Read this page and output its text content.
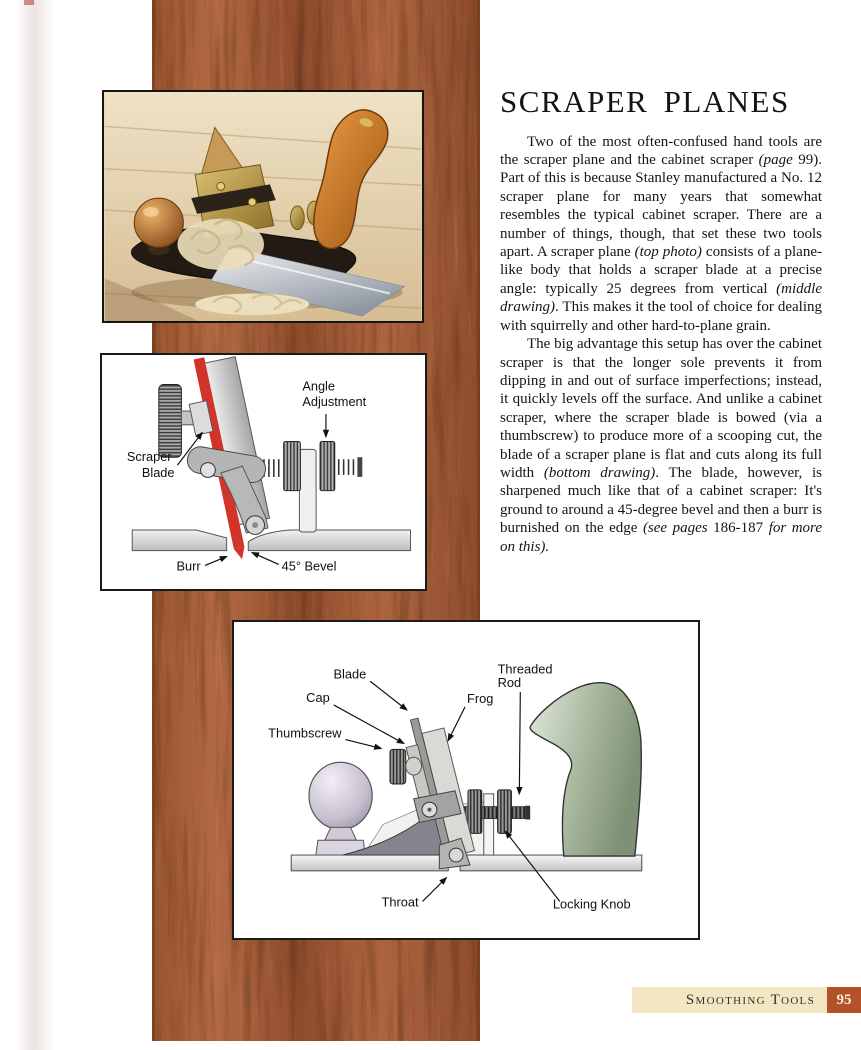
Angle
Adjustment
Scraper
Blade
Burr	45° Bevel
Blade
Cap
Thumbscrew
Frog
Threaded
Rod
Throat	Locking Knob
SCRAPER PLANES

Two of the most often-confused hand tools are the scraper plane and the cabinet scraper (page 99). Part of this is because Stanley manufactured a No. 12 scraper plane for many years that somewhat resembles the typical cabinet scraper. There are a number of things, though, that set these two tools apart. A scraper plane (top photo) consists of a plane-like body that holds a scraper blade at a precise angle: typically 25 degrees from vertical (middle drawing). This makes it the tool of choice for dealing with squirrelly and other hard-to-plane grain.

The big advantage this setup has over the cabinet scraper is that the longer sole prevents it from dipping in and out of surface imperfections; instead, it quickly levels off the surface. And unlike a cabinet scraper, where the scraper blade is bowed (via a thumbscrew) to produce more of a scooping cut, the blade of a scraper plane is flat and cuts along its full width (bottom drawing). The blade, however, is sharpened much like that of a cabinet scraper: It's ground to around a 45-degree bevel and then a burr is burnished on the edge (see pages 186-187 for more on this).

Smoothing Tools 95
